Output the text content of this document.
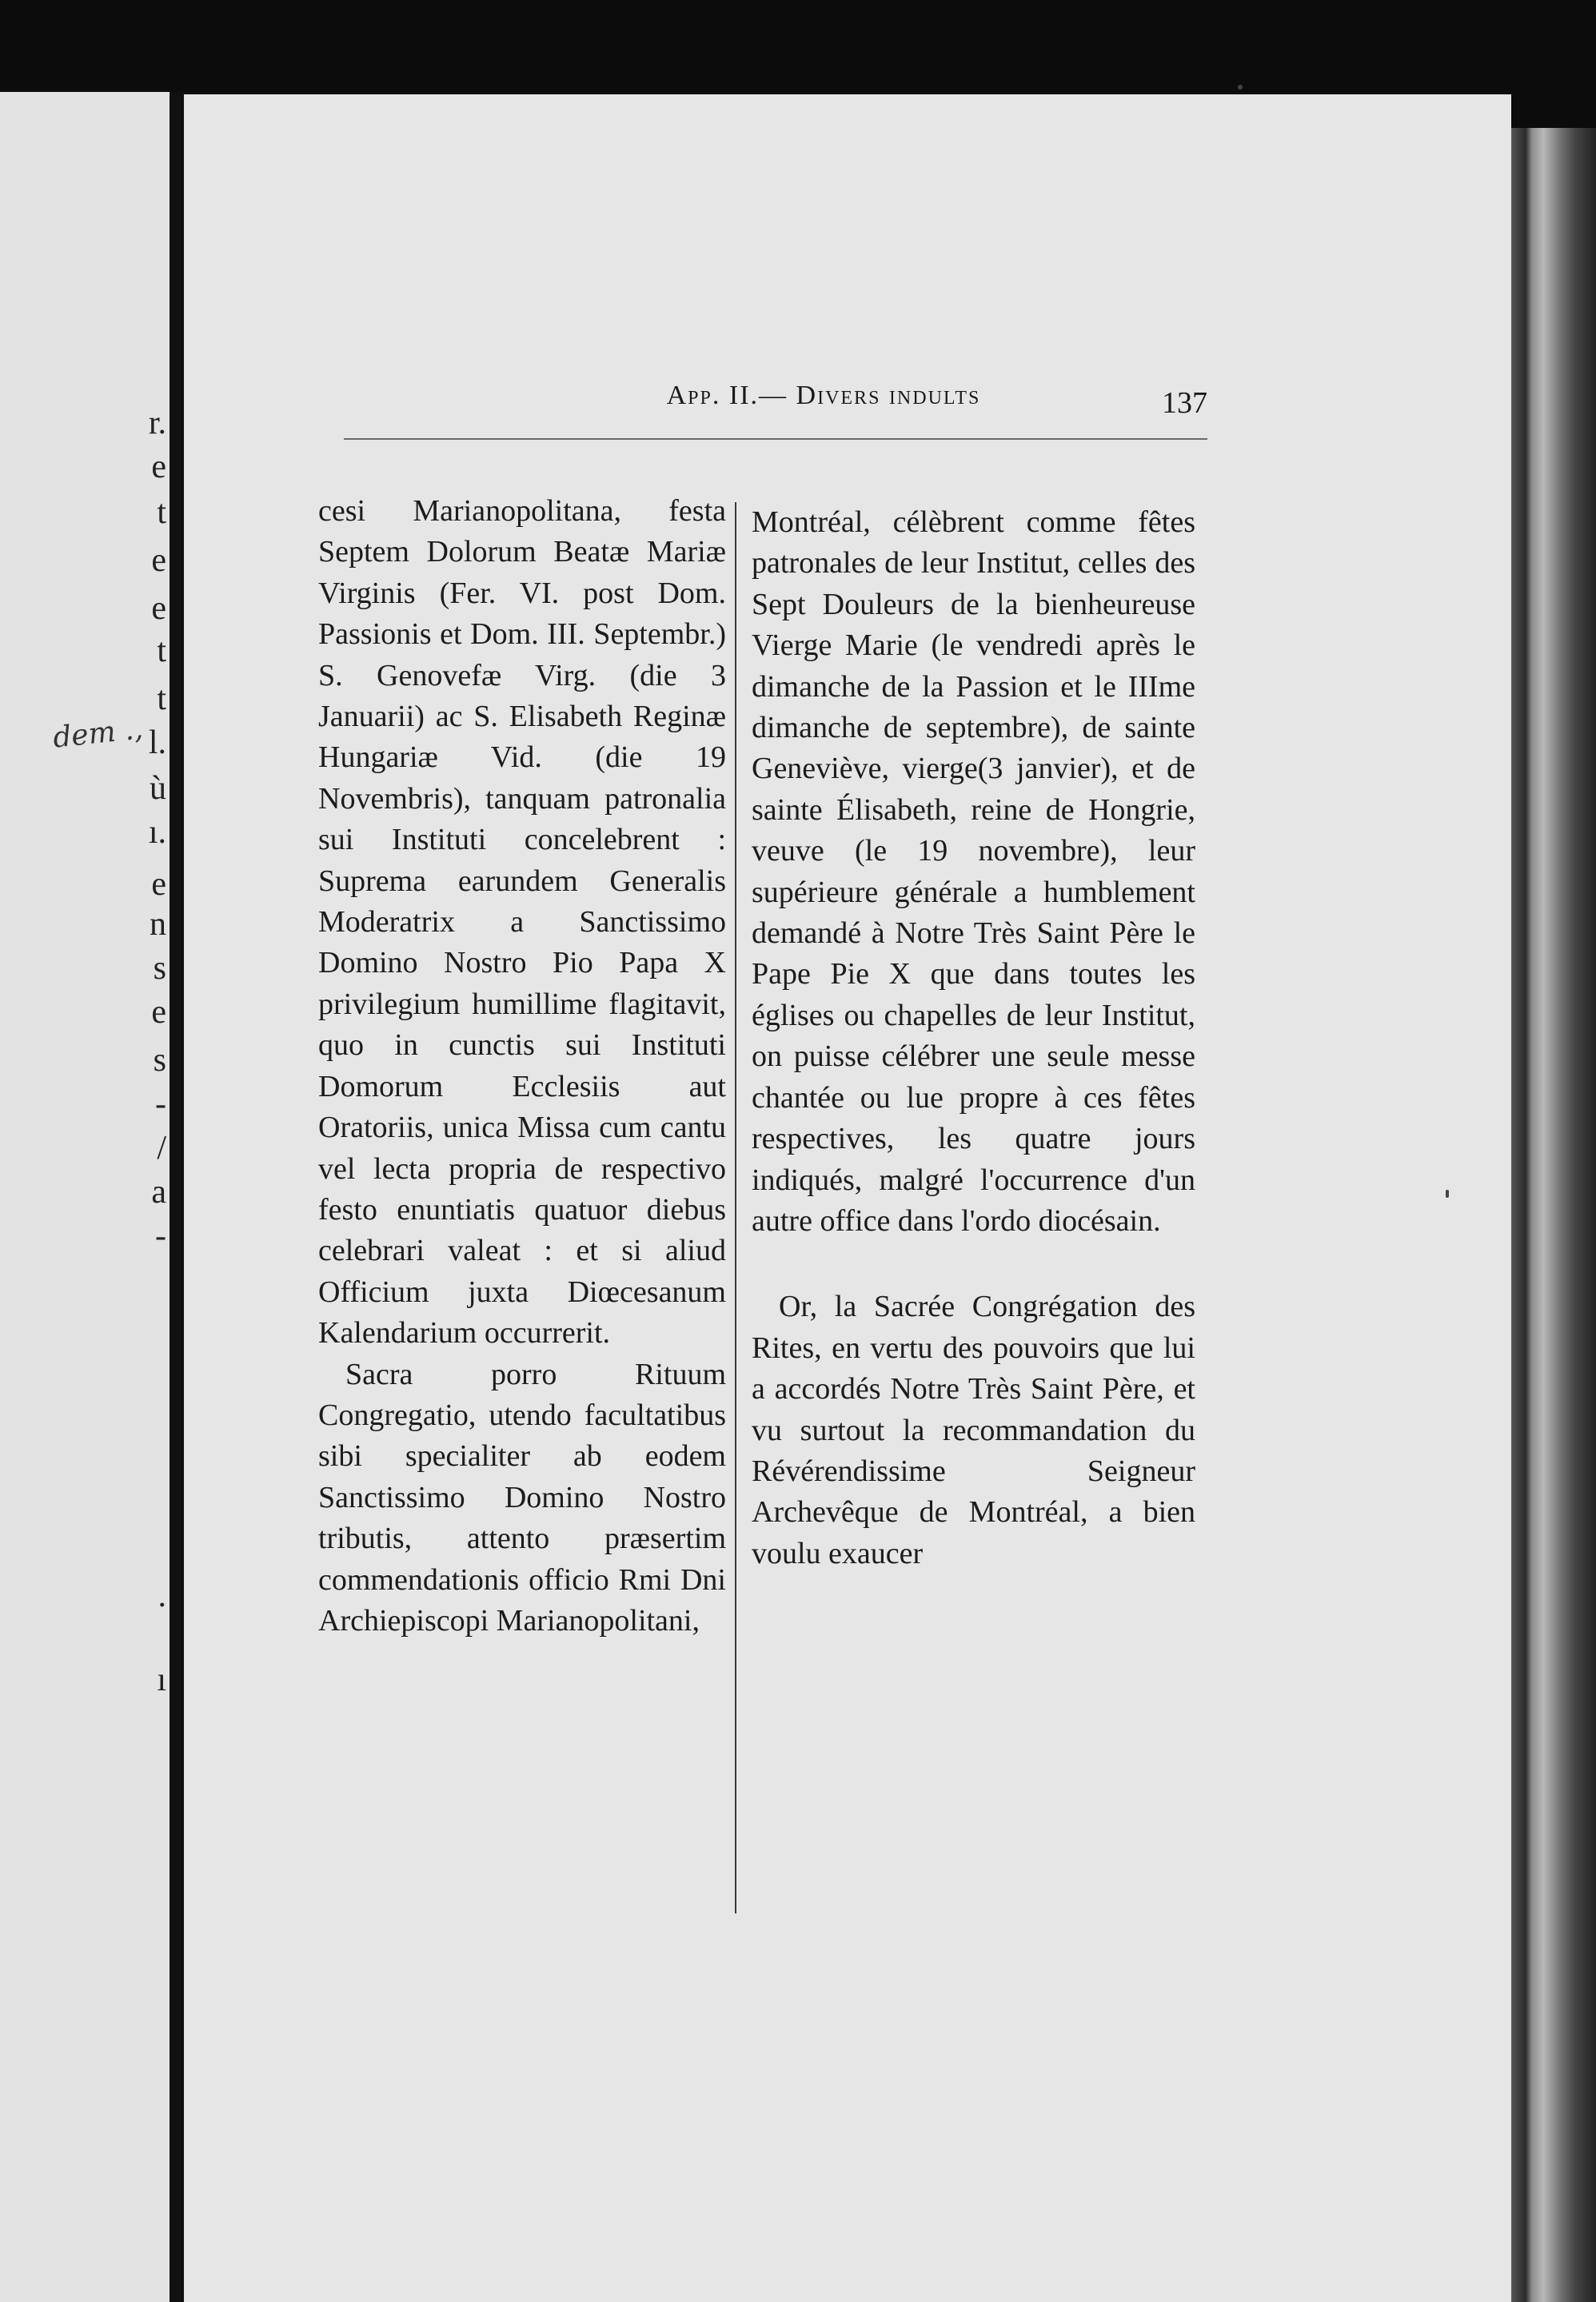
r.
e
t
e
e
t
t
l.
ù
ı.
e
n
s
e
s
-
/
a
-
.
ı
dem .,
App. II.— Divers indults	137

cesi Marianopolitana, festa Septem Dolorum Beatæ Mariæ Virginis (Fer. VI. post Dom. Passionis et Dom. III. Septembr.) S. Genovefæ Virg. (die 3 Januarii) ac S. Elisabeth Reginæ Hungariæ Vid. (die 19 Novembris), tanquam patronalia sui Instituti concelebrent : Suprema earundem Generalis Moderatrix a Sanctissimo Domino Nostro Pio Papa X privilegium humillime flagitavit, quo in cunctis sui Instituti Domorum Ecclesiis aut Oratoriis, unica Missa cum cantu vel lecta propria de respectivo festo enuntiatis quatuor diebus celebrari valeat : et si aliud Officium juxta Diœcesanum Kalendarium occurrerit.

Sacra porro Rituum Congregatio, utendo facultatibus sibi specialiter ab eodem Sanctissimo Domino Nostro tributis, attento præsertim commendationis officio Rmi Dni Archiepiscopi Marianopolitani,

Montréal, célèbrent comme fêtes patronales de leur Institut, celles des Sept Douleurs de la bienheureuse Vierge Marie (le vendredi après le dimanche de la Passion et le IIIme dimanche de septembre), de sainte Geneviève, vierge(3 janvier), et de sainte Élisabeth, reine de Hongrie, veuve (le 19 novembre), leur supérieure générale a humblement demandé à Notre Très Saint Père le Pape Pie X que dans toutes les églises ou chapelles de leur Institut, on puisse célébrer une seule messe chantée ou lue propre à ces fêtes respectives, les quatre jours indiqués, malgré l'occurrence d'un autre office dans l'ordo diocésain.

Or, la Sacrée Congrégation des Rites, en vertu des pouvoirs que lui a accordés Notre Très Saint Père, et vu surtout la recommandation du Révérendissime Seigneur Archevêque de Montréal, a bien voulu exaucer
